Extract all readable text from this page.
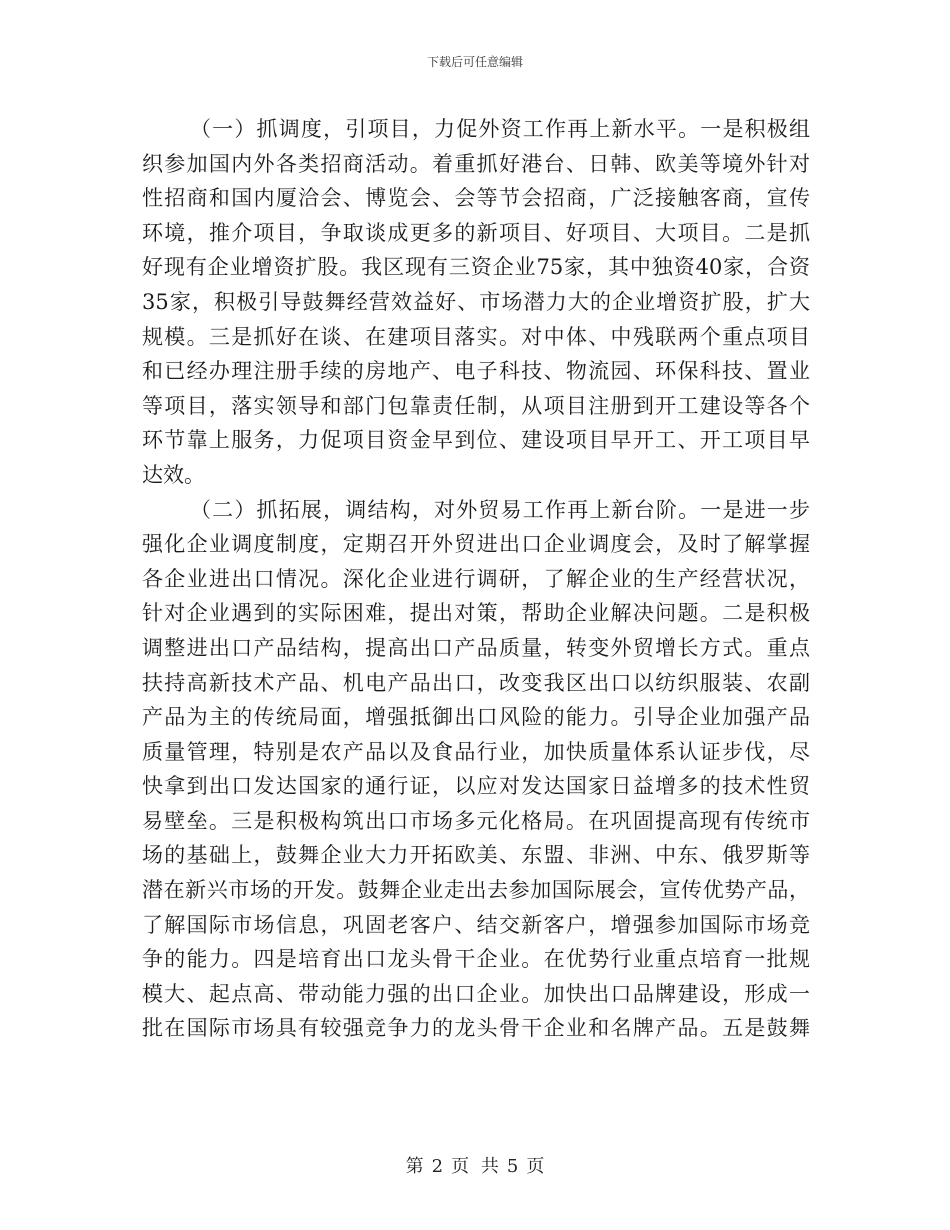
下载后可任意编辑
（一）抓调度，引项目，力促外资工作再上新水平。一是积极组
织参加国内外各类招商活动。着重抓好港台、日韩、欧美等境外针对
性招商和国内厦洽会、博览会、会等节会招商，广泛接触客商，宣传
环境，推介项目，争取谈成更多的新项目、好项目、大项目。二是抓
好现有企业增资扩股。我区现有三资企业75家，其中独资40家，合资
35家，积极引导鼓舞经营效益好、市场潜力大的企业增资扩股，扩大
规模。三是抓好在谈、在建项目落实。对中体、中残联两个重点项目
和已经办理注册手续的房地产、电子科技、物流园、环保科技、置业
等项目，落实领导和部门包靠责任制，从项目注册到开工建设等各个
环节靠上服务，力促项目资金早到位、建设项目早开工、开工项目早
达效。
（二）抓拓展，调结构，对外贸易工作再上新台阶。一是进一步
强化企业调度制度，定期召开外贸进出口企业调度会，及时了解掌握
各企业进出口情况。深化企业进行调研，了解企业的生产经营状况，
针对企业遇到的实际困难，提出对策，帮助企业解决问题。二是积极
调整进出口产品结构，提高出口产品质量，转变外贸增长方式。重点
扶持高新技术产品、机电产品出口，改变我区出口以纺织服装、农副
产品为主的传统局面，增强抵御出口风险的能力。引导企业加强产品
质量管理，特别是农产品以及食品行业，加快质量体系认证步伐，尽
快拿到出口发达国家的通行证，以应对发达国家日益增多的技术性贸
易壁垒。三是积极构筑出口市场多元化格局。在巩固提高现有传统市
场的基础上，鼓舞企业大力开拓欧美、东盟、非洲、中东、俄罗斯等
潜在新兴市场的开发。鼓舞企业走出去参加国际展会，宣传优势产品，
了解国际市场信息，巩固老客户、结交新客户，增强参加国际市场竞
争的能力。四是培育出口龙头骨干企业。在优势行业重点培育一批规
模大、起点高、带动能力强的出口企业。加快出口品牌建设，形成一
批在国际市场具有较强竞争力的龙头骨干企业和名牌产品。五是鼓舞
第 2 页 共 5 页
